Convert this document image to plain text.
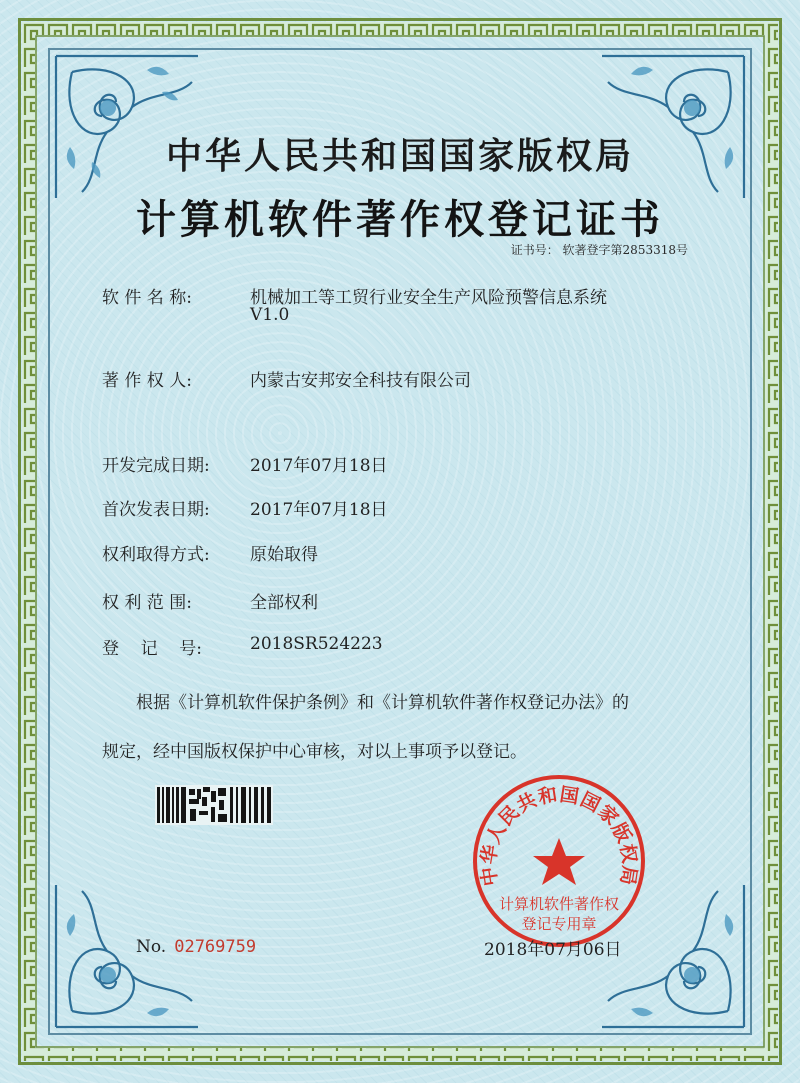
中华人民共和国国家版权局
计算机软件著作权登记证书
证书号： 软著登字第2853318号
软 件 名 称:	机械加工等工贸行业安全生产风险预警信息系统
V1.0
著 作 权 人:	内蒙古安邦安全科技有限公司
开发完成日期: 2017年07月18日
首次发表日期: 2017年07月18日
权利取得方式: 原始取得
权 利 范 围:	全部权利
登    记    号:	2018SR524223
根据《计算机软件保护条例》和《计算机软件著作权登记办法》的
规定，经中国版权保护中心审核，对以上事项予以登记。
中华人民共和国国家版权局
计算机软件著作权
登记专用章
No. 02769759	2018年07月06日
